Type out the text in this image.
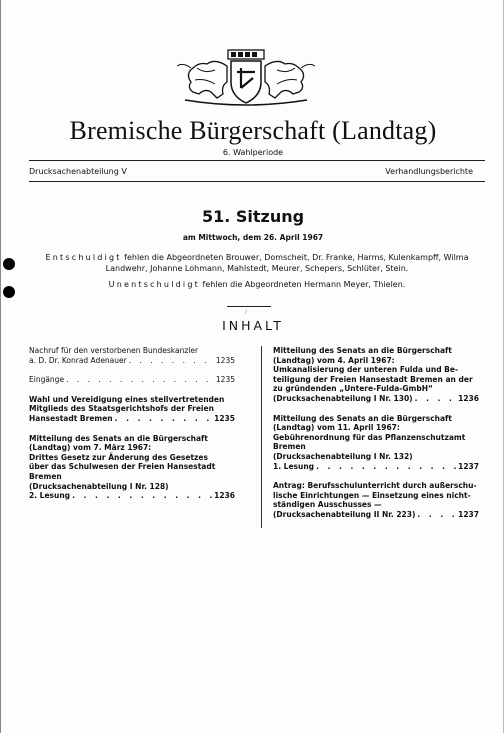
Bremische Bürgerschaft (Landtag)
6. Wahlperiode
Drucksachenabteilung V	Verhandlungsberichte
51. Sitzung
am Mittwoch, dem 26. April 1967
Entschuldigt fehlen die Abgeordneten Brouwer, Domscheit, Dr. Franke, Harms, Kulenkampff, Wilma Landwehr, Johanne Lohmann, Mahlstedt, Meurer, Schepers, Schlüter, Stein.
Unentschuldigt fehlen die Abgeordneten Hermann Meyer, Thielen.
/
INHALT
Nachruf für den verstorbenen Bundeskanzler
a. D. Dr. Konrad Adenauer . . .	1235
Eingänge . . .	1235
Wahl und Vereidigung eines stellvertretenden
Mitglieds des Staatsgerichtshofs der Freien
Hansestadt Bremen . . .	1235
Mitteilung des Senats an die Bürgerschaft
(Landtag) vom 7. März 1967:
Drittes Gesetz zur Änderung des Gesetzes
über das Schulwesen der Freien Hansestadt
Bremen
(Drucksachenabteilung I Nr. 128)
2. Lesung . . .	1236
Mitteilung des Senats an die Bürgerschaft
(Landtag) vom 4. April 1967:
Umkanalisierung der unteren Fulda und Be-
teiligung der Freien Hansestadt Bremen an der
zu gründenden „Untere-Fulda-GmbH“
(Drucksachenabteilung I Nr. 130) . . .	1236
Mitteilung des Senats an die Bürgerschaft
(Landtag) vom 11. April 1967:
Gebührenordnung für das Pflanzenschutzamt
Bremen
(Drucksachenabteilung I Nr. 132)
1. Lesung . . .	1237
Antrag: Berufsschulunterricht durch außerschu-
lische Einrichtungen — Einsetzung eines nicht-
ständigen Ausschusses —
(Drucksachenabteilung II Nr. 223) . . .	1237
